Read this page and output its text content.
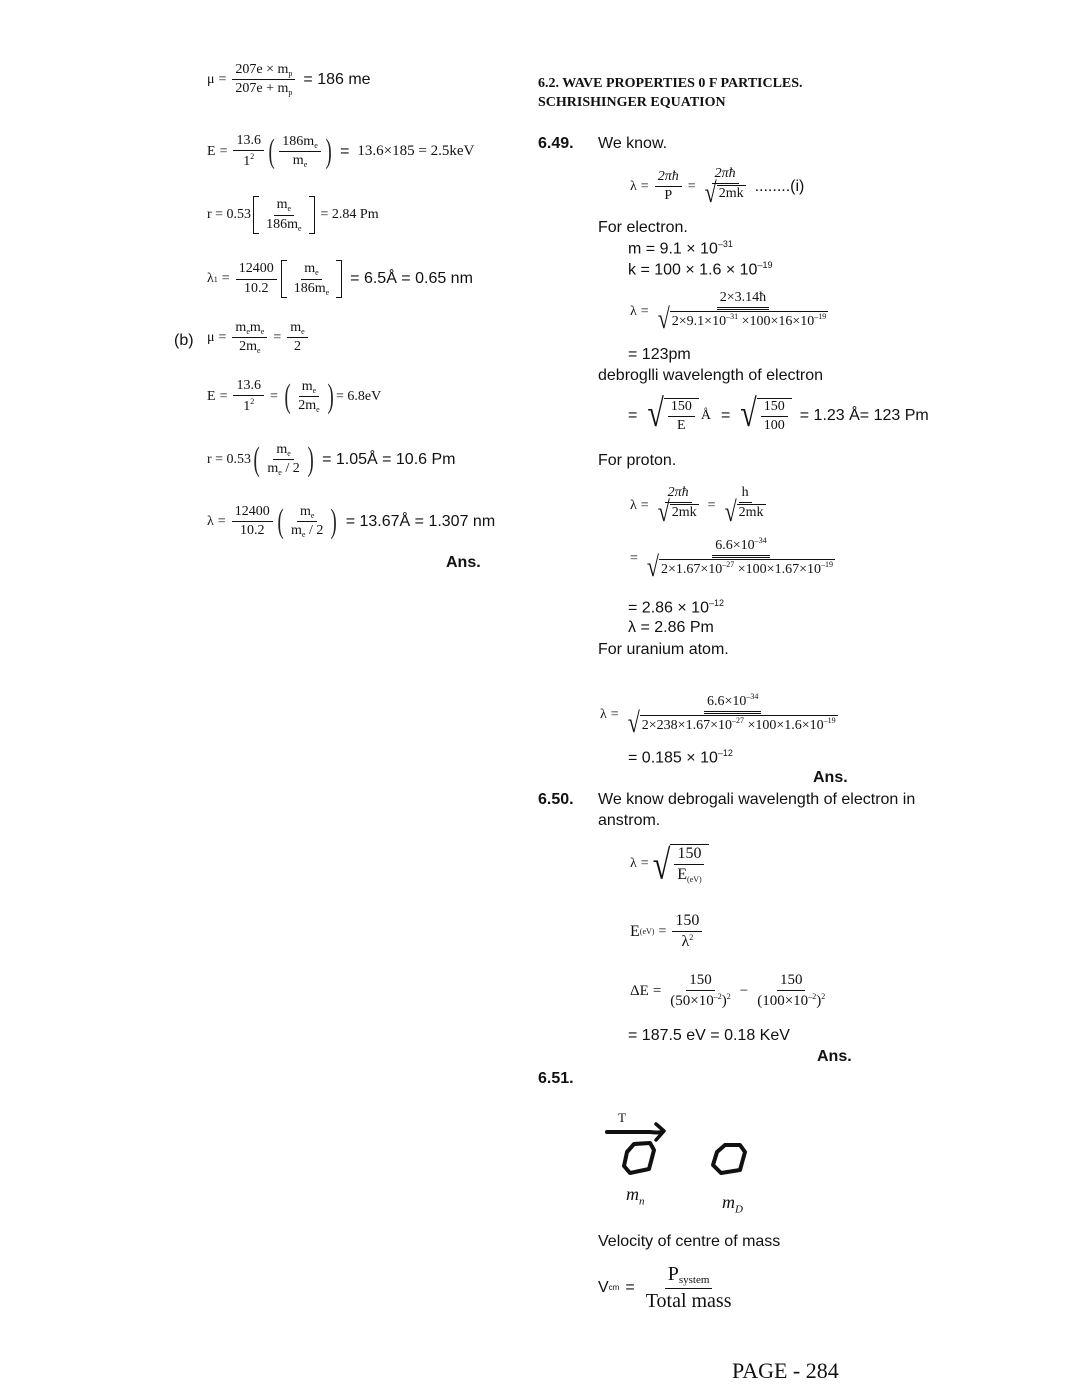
$\mu = \frac{207e \times m_p}{207e + m_p} = 186$ me
$E = \frac{13.6}{1^2}$ ( $\frac{186m_e}{m_e}$ ) = 13.6×185 = 2.5keV
$r = 0.53 \frac{m_e}{186m_e} = 2.84$ Pm
λ $1 = \frac{12400}{10.2} \frac{m_e}{186m_e}$ = 6.5Å = 0.65 nm
(b) $\mu = \frac{m_em_e}{2m_e} = \frac{m_e}{2}$
$E = \frac{13.6}{1^2}$ = ( $\frac{m_e}{2m_e}$ ) = 6.8eV
r = 0.53 ( $\frac{m_e}{m_e / 2}$ ) = 1.05Å = 10.6 Pm
$\lambda = \frac{12400}{10.2}$ ( $\frac{m_e}{m_e / 2}$ ) = 13.67Å = 1.307 nm
Ans.
6.2. WAVE PROPERTIES 0 F PARTICLES.
SCHRISHINGER EQUATION
6.49. We know.
$\lambda = \frac{2\pi ħ}{P} = \frac{2\pi ħ}{√ 2mk} ........(i)$
For electron.
$m = 9.1 \times 10^{-31}$
$k = 100 \times 1.6 \times 10^{-19}$
$\lambda = \frac{2\times 3.14ħ}{√ 2\times 9.1\times 10^{-31} \times 100\times 16\times 10^{-19}}$
= 123pm
debroglli wavelength of electron
= √ $\frac{150}{E}$ Å = √ $\frac{150}{100} = 1.23$ Å= 123 Pm
For proton.
$\lambda = \frac{2\pi ħ}{√ 2mk} = \frac{h}{√ 2mk}$
= $\frac{6.6\times 10^{-34}}{√ 2\times 1.67\times 10^{-27} \times 100\times 1.67\times 10^{-19}}$
= $2.86 \times 10^{-12}$
λ = 2.86 Pm
For uranium atom.
$\lambda = \frac{6.6\times 10^{-34}}{√ 2\times 238\times 1.67\times 10^{-27} \times 100\times 1.6\times 10^{-19}}$
= $0.185 \times 10^{-12}$
Ans.
6.50. We know debrogali wavelength of electron in
anstrom.
λ = √ $\frac{150}{E_{(eV)}}$
E $(eV) = \frac{150}{\lambda^2}$
$\Delta E = \frac{150}{(50\times 10^{-2})^2} - \frac{150}{(100\times 10^{-2})^2}$
= 187.5 eV = 0.18 KeV
Ans.
6.51.
T
$m_n$	$m_D$
Velocity of centre of mass
V cm = $\frac{\text{Psystem}}{\text{Total mass}}$
PAGE - 284
